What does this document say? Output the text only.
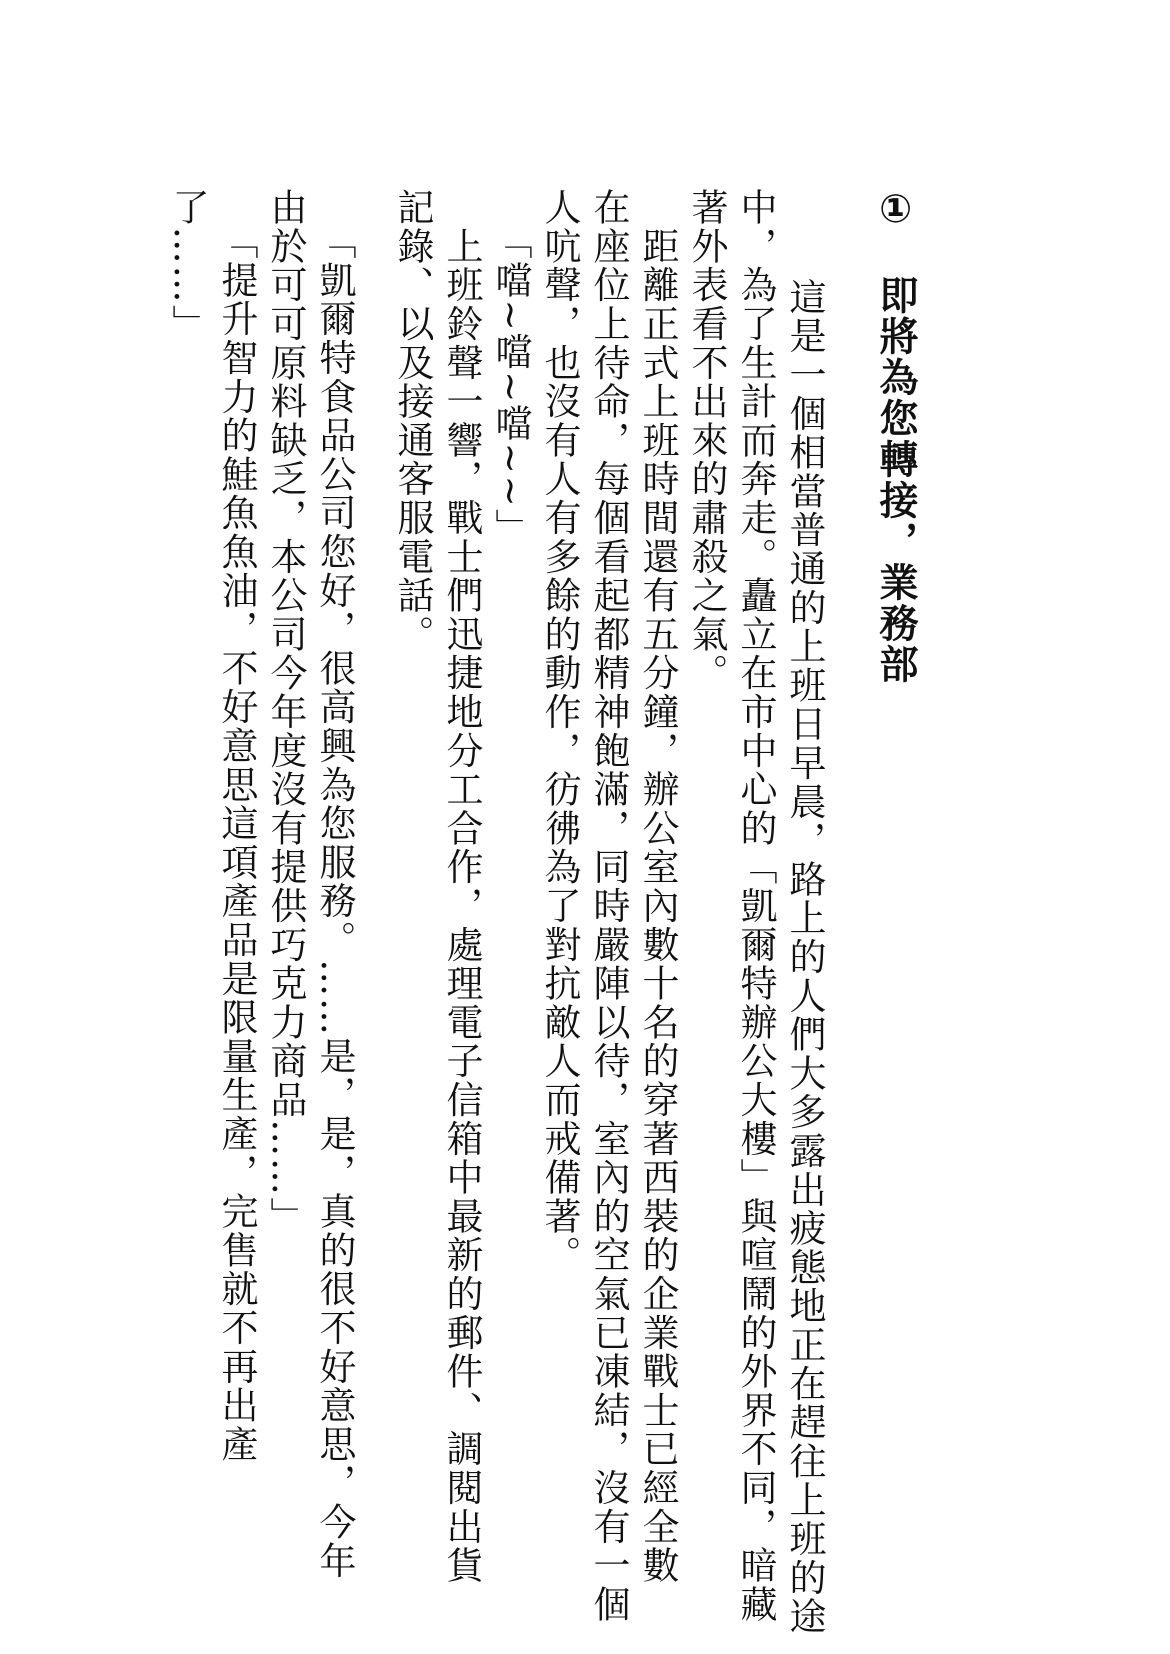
①　即將為您轉接，業務部
　這是一個相當普通的上班日早晨，路上的人們大多露出疲態地正在趕往上班的途
中，為了生計而奔走。矗立在市中心的「凱爾特辦公大樓」與喧鬧的外界不同，暗藏
著外表看不出來的肅殺之氣。
　距離正式上班時間還有五分鐘，辦公室內數十名的穿著西裝的企業戰士已經全數
在座位上待命，每個看起都精神飽滿，同時嚴陣以待，室內的空氣已凍結，沒有一個
人吭聲，也沒有人有多餘的動作，彷彿為了對抗敵人而戒備著。
「噹~噹~噹~~」
　上班鈴聲一響，戰士們迅捷地分工合作，處理電子信箱中最新的郵件、調閱出貨
記錄、以及接通客服電話。
「凱爾特食品公司您好，很高興為您服務。……是，是，真的很不好意思，今年
由於可可原料缺乏，本公司今年度沒有提供巧克力商品……」
「提升智力的鮭魚魚油，不好意思這項產品是限量生產，完售就不再出產
了……」
